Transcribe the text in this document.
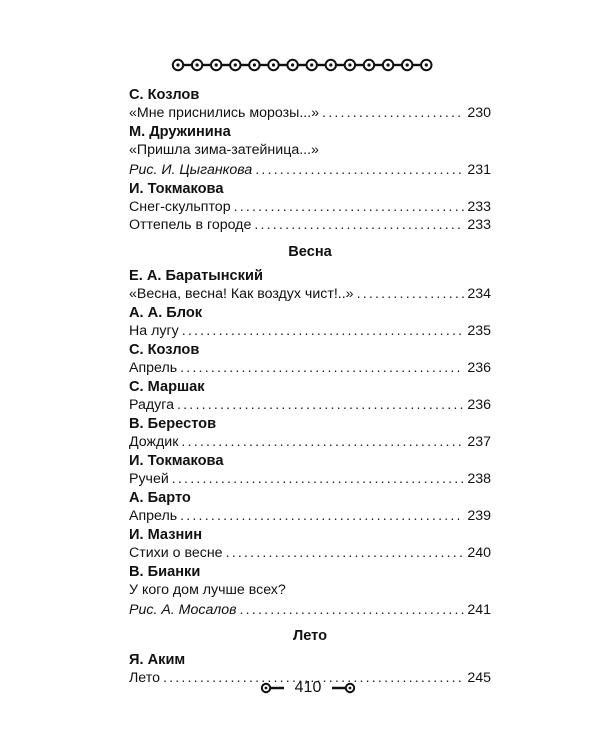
С. Козлов
«Мне приснились морозы...» .....	230
М. Дружинина
«Пришла зима-затейница...»
Рис. И. Цыганкова .....	231
И. Токмакова
Снег-скульптор .....	233
Оттепель в городе .....	233
Весна
Е. А. Баратынский
«Весна, весна! Как воздух чист!..» .....	234
А. А. Блок
На лугу .....	235
С. Козлов
Апрель .....	236
С. Маршак
Радуга .....	236
В. Берестов
Дождик .....	237
И. Токмакова
Ручей .....	238
А. Барто
Апрель .....	239
И. Мазнин
Стихи о весне .....	240
В. Бианки
У кого дом лучше всех?
Рис. А. Мосалов .....	241
Лето
Я. Аким
Лето .....	245
410
